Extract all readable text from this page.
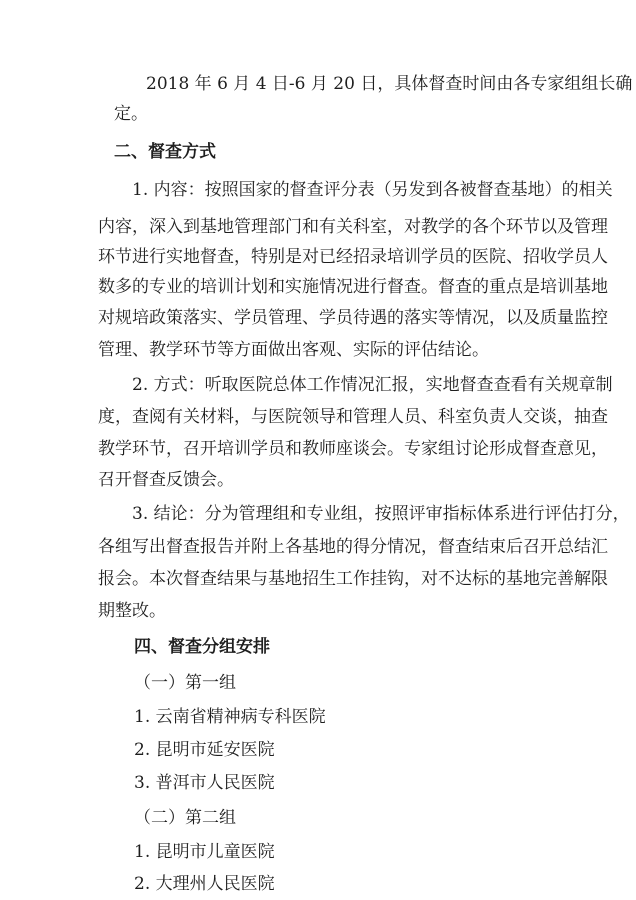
2018 年 6 月 4 日-6 月 20 日，具体督查时间由各专家组组长确
定。
二、督查方式
1. 内容：按照国家的督查评分表（另发到各被督查基地）的相关
内容，深入到基地管理部门和有关科室，对教学的各个环节以及管理
环节进行实地督查，特别是对已经招录培训学员的医院、招收学员人
数多的专业的培训计划和实施情况进行督查。督查的重点是培训基地
对规培政策落实、学员管理、学员待遇的落实等情况，以及质量监控
管理、教学环节等方面做出客观、实际的评估结论。
2. 方式：听取医院总体工作情况汇报，实地督查查看有关规章制
度，查阅有关材料，与医院领导和管理人员、科室负责人交谈，抽查
教学环节，召开培训学员和教师座谈会。专家组讨论形成督查意见，
召开督查反馈会。
3. 结论：分为管理组和专业组，按照评审指标体系进行评估打分，
各组写出督查报告并附上各基地的得分情况，督查结束后召开总结汇
报会。本次督查结果与基地招生工作挂钩，对不达标的基地完善解限
期整改。
四、督查分组安排
（一）第一组
1. 云南省精神病专科医院
2. 昆明市延安医院
3. 普洱市人民医院
（二）第二组
1. 昆明市儿童医院
2. 大理州人民医院
